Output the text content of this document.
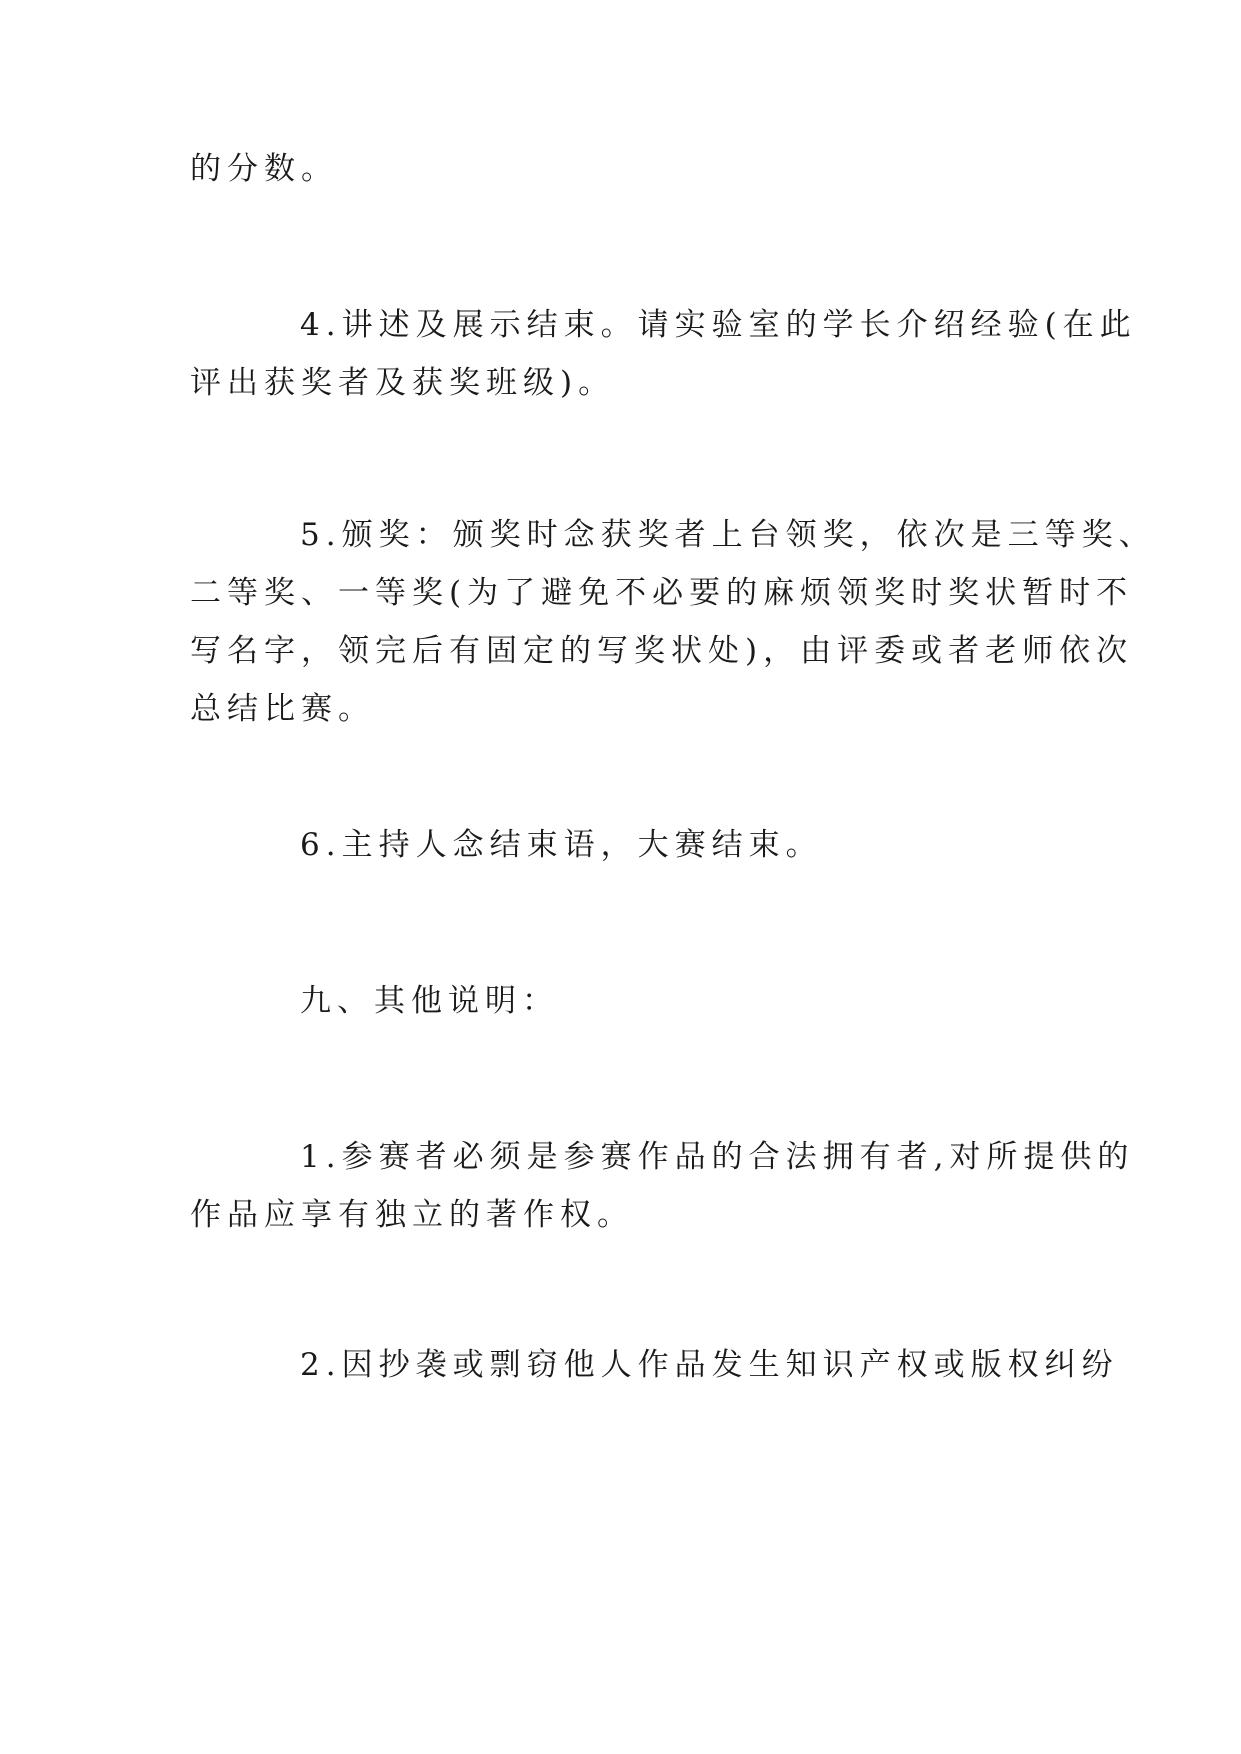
的分数。

4.讲述及展示结束。请实验室的学长介绍经验(在此
评出获奖者及获奖班级)。

5.颁奖：颁奖时念获奖者上台领奖，依次是三等奖、
二等奖、一等奖(为了避免不必要的麻烦领奖时奖状暂时不
写名字，领完后有固定的写奖状处)，由评委或者老师依次
总结比赛。

6.主持人念结束语，大赛结束。

九、其他说明：

1.参赛者必须是参赛作品的合法拥有者,对所提供的
作品应享有独立的著作权。

2.因抄袭或剽窃他人作品发生知识产权或版权纠纷
